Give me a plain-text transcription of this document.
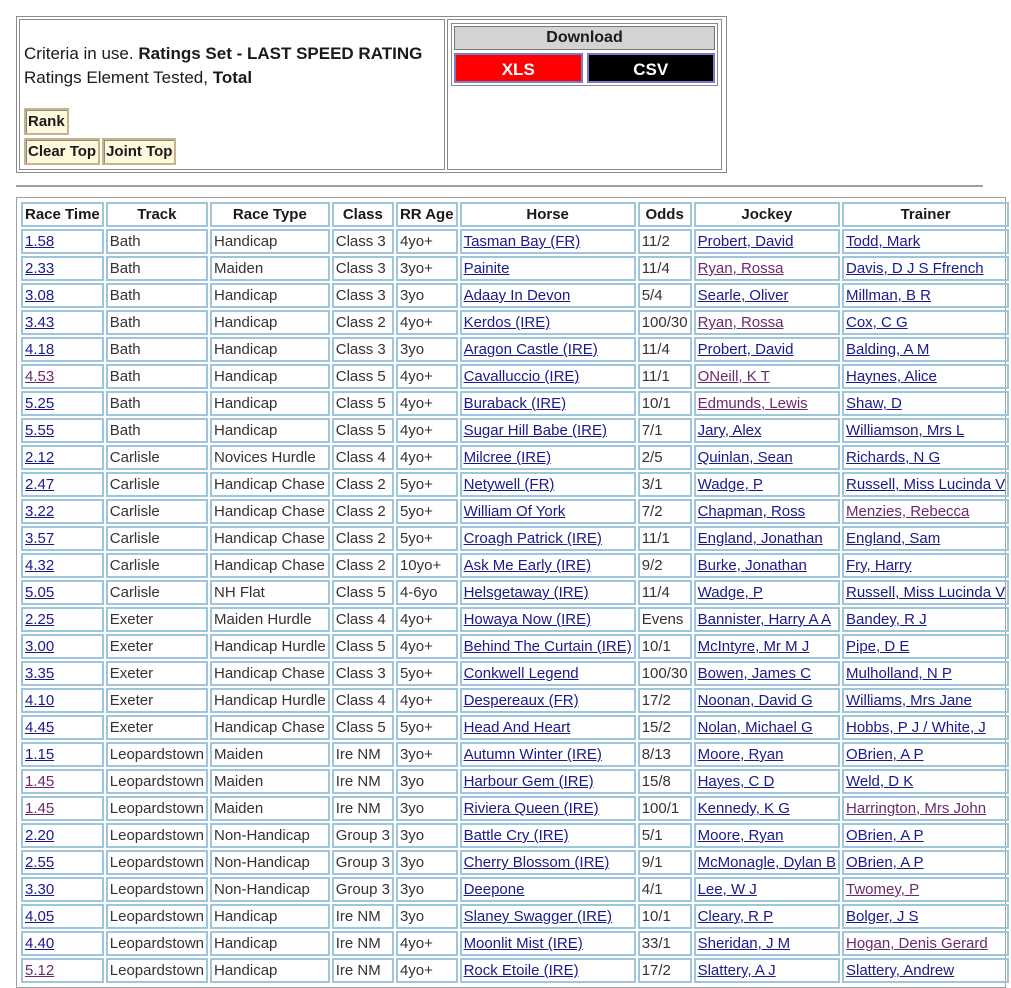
Criteria in use. Ratings Set - LAST SPEED RATING
Ratings Element Tested, Total
Rank
Clear Top Joint Top
Download
XLS	CSV
Race Time	Track	Race Type	Class	RR Age	Horse	Odds	Jockey	Trainer
1.58	Bath	Handicap	Class 3	4yo+	Tasman Bay (FR)	11/2	Probert, David	Todd, Mark
2.33	Bath	Maiden	Class 3	3yo+	Painite	11/4	Ryan, Rossa	Davis, D J S Ffrench
3.08	Bath	Handicap	Class 3	3yo	Adaay In Devon	5/4	Searle, Oliver	Millman, B R
3.43	Bath	Handicap	Class 2	4yo+	Kerdos (IRE)	100/30	Ryan, Rossa	Cox, C G
4.18	Bath	Handicap	Class 3	3yo	Aragon Castle (IRE)	11/4	Probert, David	Balding, A M
4.53	Bath	Handicap	Class 5	4yo+	Cavalluccio (IRE)	11/1	ONeill, K T	Haynes, Alice
5.25	Bath	Handicap	Class 5	4yo+	Buraback (IRE)	10/1	Edmunds, Lewis	Shaw, D
5.55	Bath	Handicap	Class 5	4yo+	Sugar Hill Babe (IRE)	7/1	Jary, Alex	Williamson, Mrs L
2.12	Carlisle	Novices Hurdle	Class 4	4yo+	Milcree (IRE)	2/5	Quinlan, Sean	Richards, N G
2.47	Carlisle	Handicap Chase	Class 2	5yo+	Netywell (FR)	3/1	Wadge, P	Russell, Miss Lucinda V
3.22	Carlisle	Handicap Chase	Class 2	5yo+	William Of York	7/2	Chapman, Ross	Menzies, Rebecca
3.57	Carlisle	Handicap Chase	Class 2	5yo+	Croagh Patrick (IRE)	11/1	England, Jonathan	England, Sam
4.32	Carlisle	Handicap Chase	Class 2	10yo+	Ask Me Early (IRE)	9/2	Burke, Jonathan	Fry, Harry
5.05	Carlisle	NH Flat	Class 5	4-6yo	Helsgetaway (IRE)	11/4	Wadge, P	Russell, Miss Lucinda V
2.25	Exeter	Maiden Hurdle	Class 4	4yo+	Howaya Now (IRE)	Evens	Bannister, Harry A A	Bandey, R J
3.00	Exeter	Handicap Hurdle	Class 5	4yo+	Behind The Curtain (IRE)	10/1	McIntyre, Mr M J	Pipe, D E
3.35	Exeter	Handicap Chase	Class 3	5yo+	Conkwell Legend	100/30	Bowen, James C	Mulholland, N P
4.10	Exeter	Handicap Hurdle	Class 4	4yo+	Despereaux (FR)	17/2	Noonan, David G	Williams, Mrs Jane
4.45	Exeter	Handicap Chase	Class 5	5yo+	Head And Heart	15/2	Nolan, Michael G	Hobbs, P J / White, J
1.15	Leopardstown	Maiden	Ire NM	3yo+	Autumn Winter (IRE)	8/13	Moore, Ryan	OBrien, A P
1.45	Leopardstown	Maiden	Ire NM	3yo	Harbour Gem (IRE)	15/8	Hayes, C D	Weld, D K
1.45	Leopardstown	Maiden	Ire NM	3yo	Riviera Queen (IRE)	100/1	Kennedy, K G	Harrington, Mrs John
2.20	Leopardstown	Non-Handicap	Group 3	3yo	Battle Cry (IRE)	5/1	Moore, Ryan	OBrien, A P
2.55	Leopardstown	Non-Handicap	Group 3	3yo	Cherry Blossom (IRE)	9/1	McMonagle, Dylan B	OBrien, A P
3.30	Leopardstown	Non-Handicap	Group 3	3yo	Deepone	4/1	Lee, W J	Twomey, P
4.05	Leopardstown	Handicap	Ire NM	3yo	Slaney Swagger (IRE)	10/1	Cleary, R P	Bolger, J S
4.40	Leopardstown	Handicap	Ire NM	4yo+	Moonlit Mist (IRE)	33/1	Sheridan, J M	Hogan, Denis Gerard
5.12	Leopardstown	Handicap	Ire NM	4yo+	Rock Etoile (IRE)	17/2	Slattery, A J	Slattery, Andrew
